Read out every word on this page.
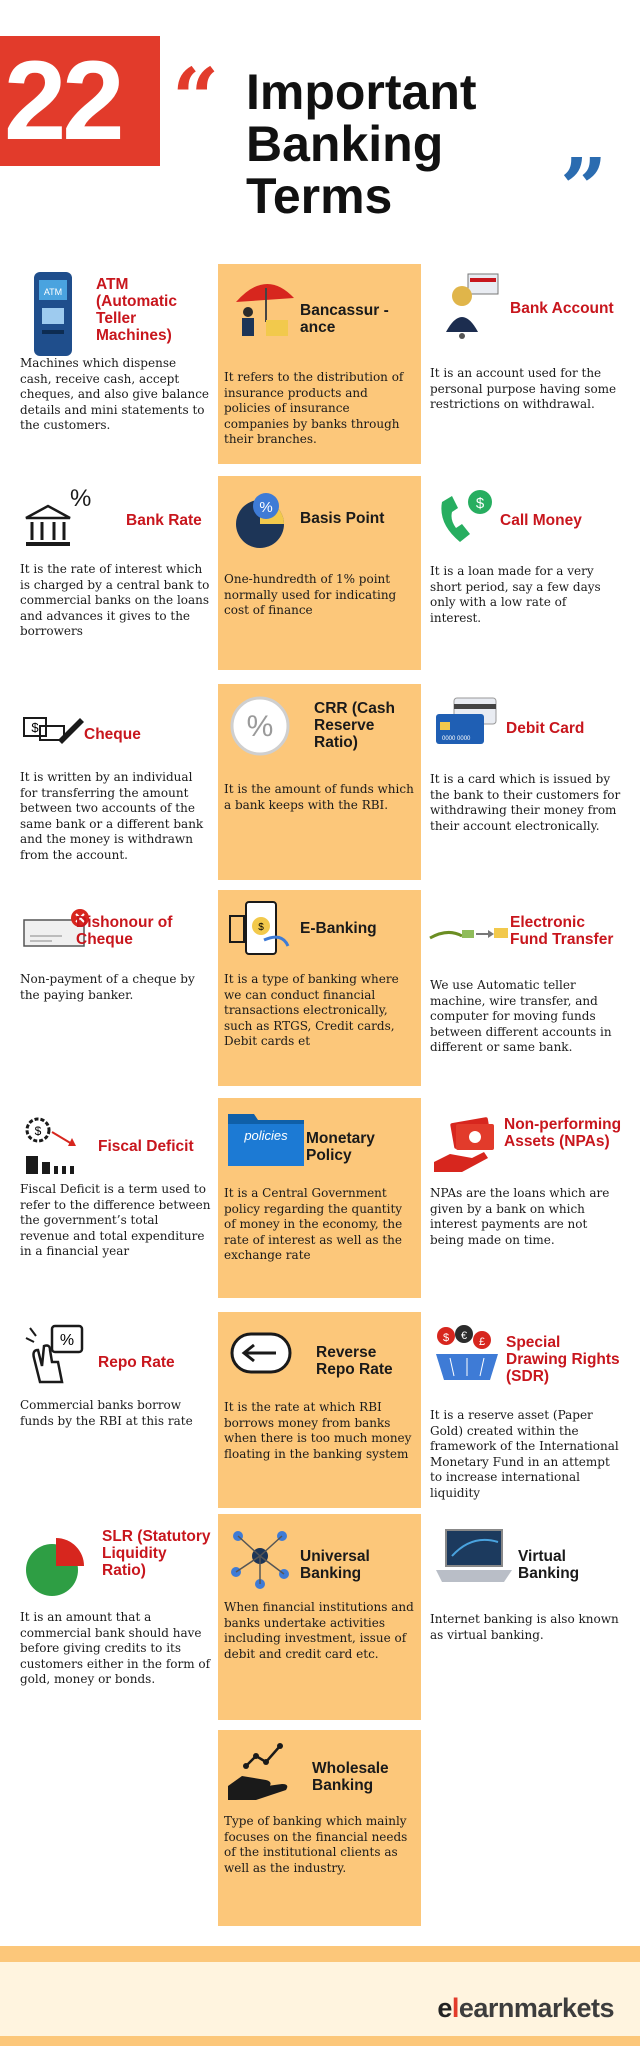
22 “ Important
Banking
Terms	”
ATM ATM (Automatic Teller Machines)
Machines which dispense cash, receive cash, accept cheques, and also give balance details and mini statements to the customers.
Bancassur -ance
It refers to the distribution of insurance products and policies of insurance companies by banks through their branches.
Bank Account
It is an account used for the personal purpose having some restrictions on withdrawal.
%
Bank Rate
It is the rate of interest which is charged by a central bank to commercial banks on the loans and advances it gives to the borrowers
%
Basis Point
One-hundredth of 1% point normally used for indicating cost of finance
$
Call Money
It is a loan made for a very short period, say a few days only with a low rate of interest.
$	Cheque
It is written by an individual for transferring the amount between two accounts of the same bank or a different bank and the money is withdrawn from the account.
%
CRR (Cash Reserve Ratio)
It is the amount of funds which a bank keeps with the RBI.
0000 0000
Debit Card
It is a card which is issued by the bank to their customers for withdrawing their money from their account electronically.
Dishonour of Cheque
Non-payment of a cheque by the paying banker.
$ E-Banking
It is a type of banking where we can conduct financial transactions electronically, such as RTGS, Credit cards, Debit cards et
Electronic Fund Transfer
We use Automatic teller machine, wire transfer, and computer for moving funds between different accounts in different or same bank.
$
Fiscal Deficit
Fiscal Deficit is a term used to refer to the difference between the government’s total revenue and total expenditure in a financial year
policies Monetary Policy
It is a Central Government policy regarding the quantity of money in the economy, the rate of interest as well as the exchange rate
Non-performing Assets (NPAs)
NPAs are the loans which are given by a bank on which interest payments are not being made on time.
%
Repo Rate
Commercial banks borrow funds by the RBI at this rate
Reverse Repo Rate
It is the rate at which RBI borrows money from banks when there is too much money floating in the banking system
$ € £ Special Drawing Rights (SDR)
It is a reserve asset (Paper Gold) created within the framework of the International Monetary Fund in an attempt to increase international liquidity
SLR (Statutory Liquidity Ratio)
It is an amount that a commercial bank should have before giving credits to its customers either in the form of gold, money or bonds.
Universal Banking
When financial institutions and banks undertake activities including investment, issue of debit and credit card etc.
Virtual Banking
Internet banking is also known as virtual banking.
Wholesale Banking
Type of banking which mainly focuses on the financial needs of the institutional clients as well as the industry.
elearnmarkets
